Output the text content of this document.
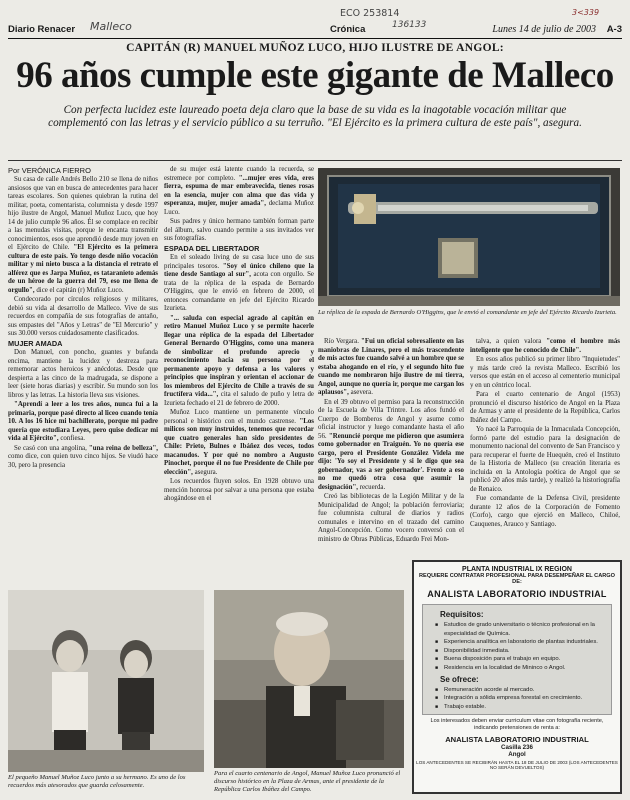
Malleco
ECO 253814
136133
3<339
Diario Renacer	Crónica	Lunes 14 de julio de 2003 A-3
CAPITÁN (R) MANUEL MUÑOZ LUCO, HIJO ILUSTRE DE ANGOL:
96 años cumple este gigante de Malleco
Con perfecta lucidez este laureado poeta deja claro que la base de su vida es la inagotable vocación militar que complementó con las letras y el servicio público a su terruño. "El Ejército es la primera cultura de este país", asegura.
Por VERÓNICA FIERRO

Su casa de calle Andrés Bello 210 se llena de niños ansiosos que van en busca de antecedentes para hacer tareas escolares. Son quienes quiebran la rutina del militar, poeta, comentarista, columnista y desde 1997 hijo ilustre de Angol, Manuel Muñoz Luco, que hoy 14 de julio cumple 96 años. Él se complace en recibir a las menudas visitas, porque le encanta transmitir conocimientos, esos que aprendió desde muy joven en el Ejército de Chile. "El Ejército es la primera cultura de este país. Yo tengo desde niño vocación militar y mi nieto busca a la distancia el retrato el alférez que es Jarpa Muñoz, es tataranieto además de un héroe de la guerra del 79, eso me llena de orgullo", dice el capitán (r) Muñoz Luco.

Condecorado por círculos religiosos y militares, debió su vida al desarrollo de Malleco. Vive de sus recuerdos en compañía de sus fotografías de antaño, sus empastes del "Años y Letras" de "El Mercurio" y sus 30.000 versos cuidadosamente clasificados.

MUJER AMADA

Don Manuel, con poncho, guantes y bufanda encima, mantiene la lucidez y destreza para rememorar actos heroicos y anécdotas. Desde que despierta a las cinco de la madrugada, se dispone a leer (siete horas diarias) y escribir. Su mundo son los libros y las letras. La historia lleva sus visiones.

"Aprendí a leer a los tres años, nunca fui a la primaria, porque pasé directo al liceo cuando tenía 10. A los 16 hice mi bachillerato, porque mi padre quería que estudiara Leyes, pero quise dedicar mi vida al Ejército", confiesa.

Se casó con una angolina, "una reina de belleza", como dice, con quien tuvo cinco hijos. Se viudó hace 30, pero la presencia

de su mujer está latente cuando la recuerda, se estremece por completo. "...mujer eres vida, eres fierra, espuma de mar embravecida, tienes rosas en la esencia, mujer con alma que das vida y esperanza, mujer, mujer amada", declama Muñoz Luco.

Sus padres y único hermano también forman parte del álbum, salvo cuando permite a sus invitados ver sus fotografías.

ESPADA DEL LIBERTADOR

En el soleado living de su casa luce uno de sus principales tesoros. "Soy el único chileno que la tiene desde Santiago al sur", acota con orgullo. Se trata de la réplica de la espada de Bernardo O'Higgins, que le envió en febrero de 2000, el entonces comandante en jefe del Ejército Ricardo Izurieta.

"... saluda con especial agrado al capitán en retiro Manuel Muñoz Luco y se permite hacerle llegar una réplica de la espada del Libertador General Bernardo O'Higgins, como una manera de simbolizar el profundo aprecio y reconocimiento hacia su persona por el permanente apoyo y defensa a los valores y principios que inspiran y orientan el accionar de los miembros del Ejército de Chile a través de su fructífera vida...", cita el saludo de puño y letra de Izurieta fechado el 21 de febrero de 2000.

Muñoz Luco mantiene un permanente vínculo personal e histórico con el mundo castrense. "Los milicos son muy instruidos, tenemos que recordar que cuatro generales han sido presidentes de Chile: Prieto, Bulnes e Ibáñez dos veces, todos macanudos. Y por qué no nombro a Augusto Pinochet, porque él no fue Presidente de Chile por elección", asegura.

Los recuerdos fluyen solos. En 1928 obtuvo una mención honrosa por salvar a una persona que estaba ahogándose en el

La réplica de la espada de Bernardo O'Higgins, que le envió el comandante en jefe del Ejército Ricardo Izurieta.

Río Vergara. "Fui un oficial sobresaliente en las maniobras de Linares, pero el más trascendente de mis actos fue cuando salvé a un hombre que se estaba ahogando en el río, y el segundo hito fue cuando me nombraron hijo ilustre de mi tierra, Angol, aunque no quería ir, porque me cargan los aplausos", asevera.

En el 39 obtuvo el permiso para la reconstrucción de la Escuela de Villa Trintre. Los años fundó el Cuerpo de Bomberos de Angol y asume como oficial instructor y luego comandante hasta el año 56. "Renuncié porque me pidieron que asumiera como gobernador en Traiguén. Yo no quería ese cargo, pero el Presidente González Videla me dijo: 'Yo soy el Presidente y si le digo que sea gobernador, vas a ser gobernador'. Frente a eso no me quedó otra cosa que asumir la designación", recuerda.

Creó las bibliotecas de la Legión Militar y de la Municipalidad de Angol; la población ferroviaria; fue columnista cultural de diarios y radios comunales e intervino en el trazado del camino Angol-Concepción. Como vocero conversó con el ministro de Obras Públicas, Eduardo Frei Mon-

talva, a quien valora "como el hombre más inteligente que he conocido de Chile".

En esos años publicó su primer libro "Inquietudes" y más tarde creó la revista Malleco. Escribió los versos que están en el acceso al cementerio municipal y en un céntrico local.

Para el cuarto centenario de Angol (1953) pronunció el discurso histórico de Angol en la Plaza de Armas y ante el presidente de la República, Carlos Ibáñez del Campo.

Yo nacé la Parroquia de la Inmaculada Concepción, formó parte del estudio para la designación de monumento nacional del convento de San Francisco y para recuperar el fuerte de Huequén, creó el Instituto de la Historia de Malleco (su creación literaria es incluida en la Antología poética de Angol que se publicó 20 años más tarde), y realizó la historiografía de Renaico.

Fue comandante de la Defensa Civil, presidente durante 12 años de la Corporación de Fomento (Corfo), cargo que ejerció en Malleco, Chiloé, Cauquenes, Arauco y Santiago.

El pequeño Manuel Muñoz Luco junto a su hermano. Es uno de los recuerdos más atesorados que guarda celosamente.
Para el cuarto centenario de Angol, Manuel Muñoz Luco pronunció el discurso histórico en la Plaza de Armas, ante el presidente de la República Carlos Ibáñez del Campo.
PLANTA INDUSTRIAL IX REGION
REQUIERE CONTRATAR PROFESIONAL PARA DESEMPEÑAR EL CARGO DE:
ANALISTA LABORATORIO INDUSTRIAL
Requisitos:
■ Estudios de grado universitario o técnico profesional en la especialidad de Química.
■ Experiencia analítica en laboratorio de plantas industriales.
■ Disponibilidad inmediata.
■ Buena disposición para el trabajo en equipo.
■ Residencia en la localidad de Mininco o Angol.
Se ofrece:
■ Remuneración acorde al mercado.
■ Integración a sólida empresa forestal en crecimiento.
■ Trabajo estable.
Los interesados deben enviar curriculum vitae con fotografía reciente, indicando pretensiones de renta a:
ANALISTA LABORATORIO INDUSTRIAL
Casilla 236
Angol
LOS ANTECEDENTES SE RECIBIRÁN HASTA EL 18 DE JULIO DE 2003 (LOS ANTECEDENTES NO SERÁN DEVUELTOS)
